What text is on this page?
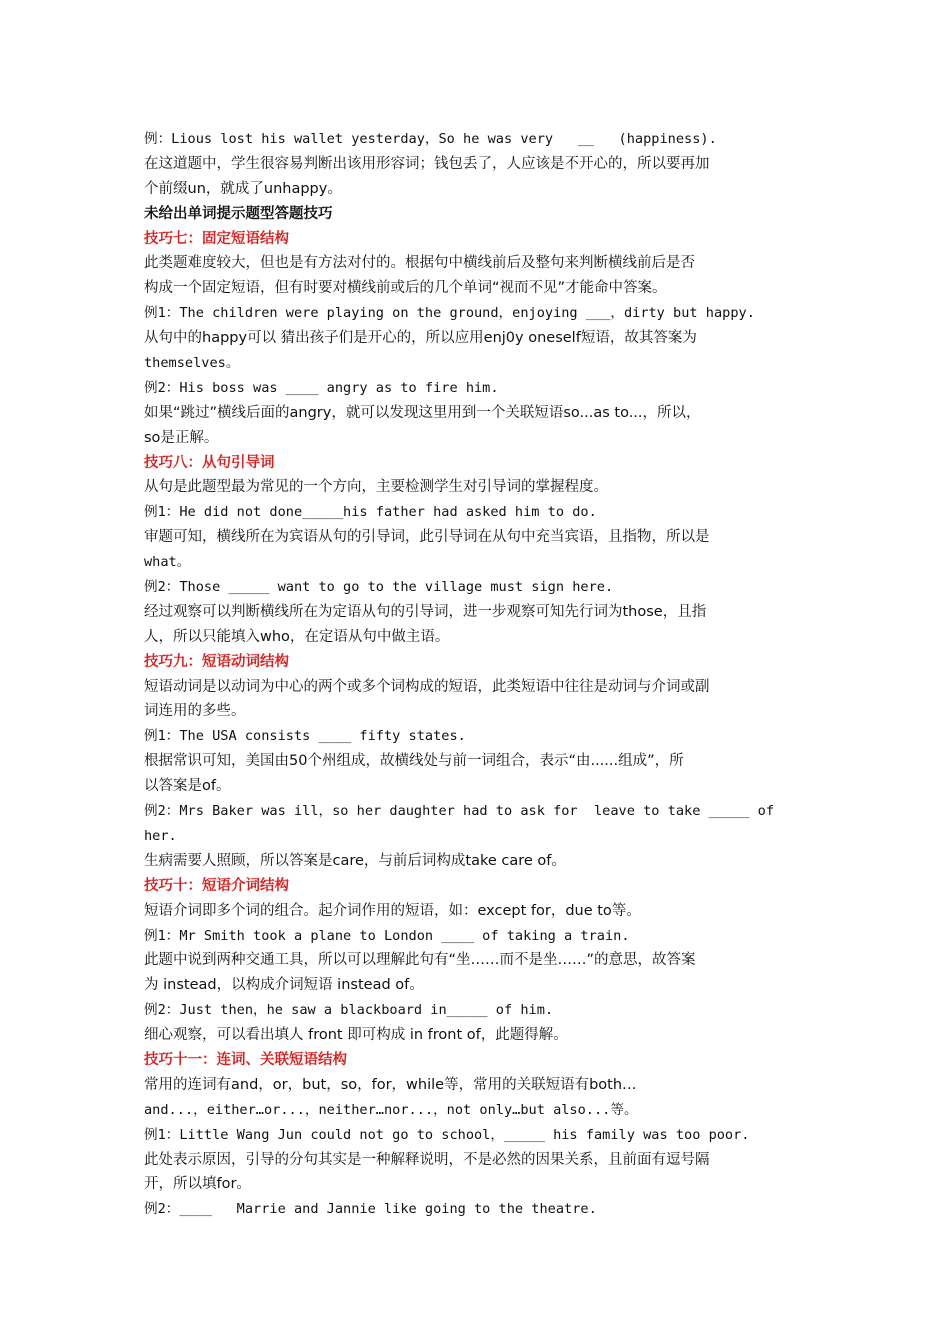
例：Lious lost his wallet yesterday，So he was very   __   (happiness).
在这道题中，学生很容易判断出该用形容词；钱包丢了，人应该是不开心的，所以要再加
个前缀un，就成了unhappy。
未给出单词提示题型答题技巧
技巧七：固定短语结构
此类题难度较大，但也是有方法对付的。根据句中横线前后及整句来判断横线前后是否
构成一个固定短语，但有时要对横线前或后的几个单词“视而不见”才能命中答案。
例1：The children were playing on the ground，enjoying ___，dirty but happy.
从句中的happy可以 猜出孩子们是开心的，所以应用enj0y oneself短语，故其答案为
themselves。
例2：His boss was ____ angry as to fire him.
如果“跳过”横线后面的angry，就可以发现这里用到一个关联短语so...as to...，所以，
so是正解。
技巧八：从句引导词
从句是此题型最为常见的一个方向，主要检测学生对引导词的掌握程度。
例1：He did not done_____his father had asked him to do.
审题可知，横线所在为宾语从句的引导词，此引导词在从句中充当宾语，且指物，所以是
what。
例2：Those _____ want to go to the village must sign here.
经过观察可以判断横线所在为定语从句的引导词，进一步观察可知先行词为those，且指
人，所以只能填入who，在定语从句中做主语。
技巧九：短语动词结构
短语动词是以动词为中心的两个或多个词构成的短语，此类短语中往往是动词与介词或副
词连用的多些。
例1：The USA consists ____ fifty states.
根据常识可知，美国由50个州组成，故横线处与前一词组合，表示“由......组成”，所
以答案是of。
例2：Mrs Baker was ill，so her daughter had to ask for  leave to take _____ of
her.
生病需要人照顾，所以答案是care，与前后词构成take care of。
技巧十：短语介词结构
短语介词即多个词的组合。起介词作用的短语，如：except for，due to等。
例1：Mr Smith took a plane to London ____ of taking a train.
此题中说到两种交通工具，所以可以理解此句有“坐……而不是坐……”的意思，故答案
为 instead，以构成介词短语 instead of。
例2：Just then，he saw a blackboard in_____ of him.
细心观察，可以看出填人 front 即可构成 in front of，此题得解。
技巧十一：连词、关联短语结构
常用的连词有and，or，but，so，for，while等，常用的关联短语有both…
and...，either…or...，neither…nor...，not only…but also...等。
例1：Little Wang Jun could not go to school，_____ his family was too poor.
此处表示原因，引导的分句其实是一种解释说明，不是必然的因果关系，且前面有逗号隔
开，所以填for。
例2：____   Marrie and Jannie like going to the theatre.
